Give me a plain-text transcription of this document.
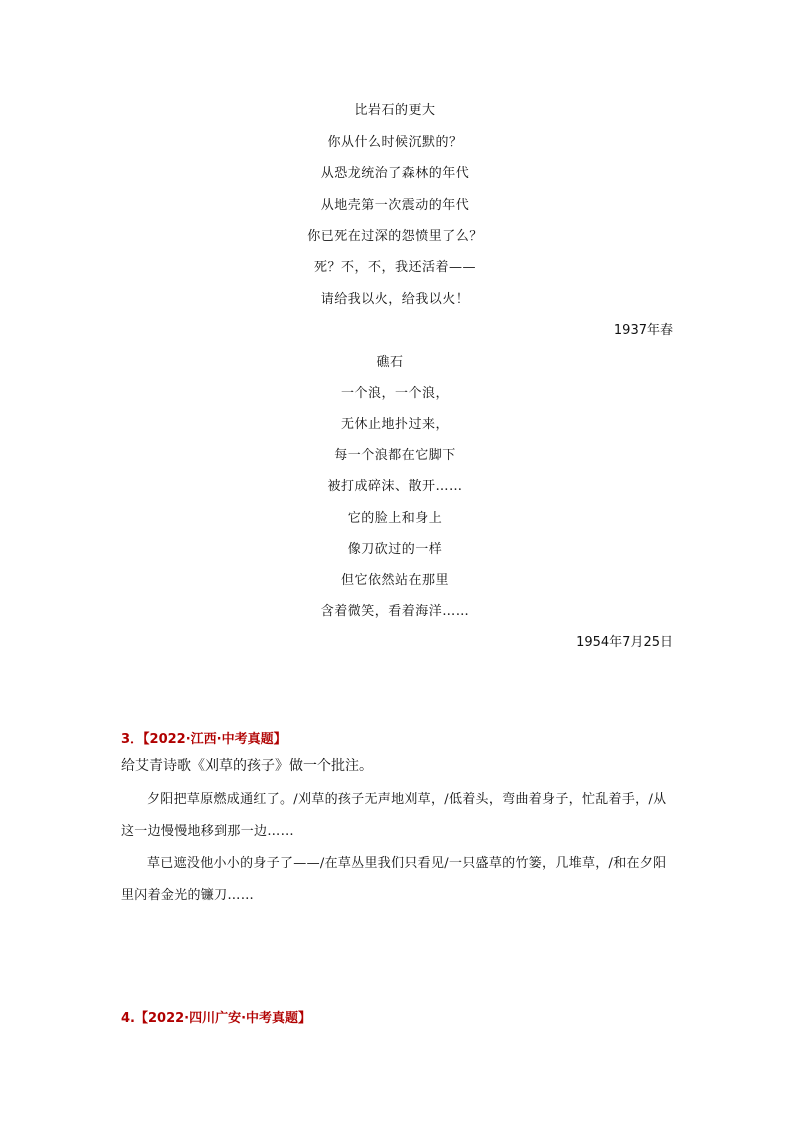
比岩石的更大
你从什么时候沉默的？
从恐龙统治了森林的年代
从地壳第一次震动的年代
你已死在过深的怨愤里了么？
死？不，不，我还活着——
请给我以火，给我以火！
1937年春
礁石
一个浪，一个浪，
无休止地扑过来，
每一个浪都在它脚下
被打成碎沫、散开……
它的脸上和身上
像刀砍过的一样
但它依然站在那里
含着微笑，看着海洋……
1954年7月25日
3．【2022·江西·中考真题】
给艾青诗歌《刈草的孩子》做一个批注。
夕阳把草原燃成通红了。/刈草的孩子无声地刈草，/低着头，弯曲着身子，忙乱着手，/从这一边慢慢地移到那一边……
草已遮没他小小的身子了——/在草丛里我们只看见/一只盛草的竹篓，几堆草，/和在夕阳里闪着金光的镰刀……
4.【2022·四川广安·中考真题】
